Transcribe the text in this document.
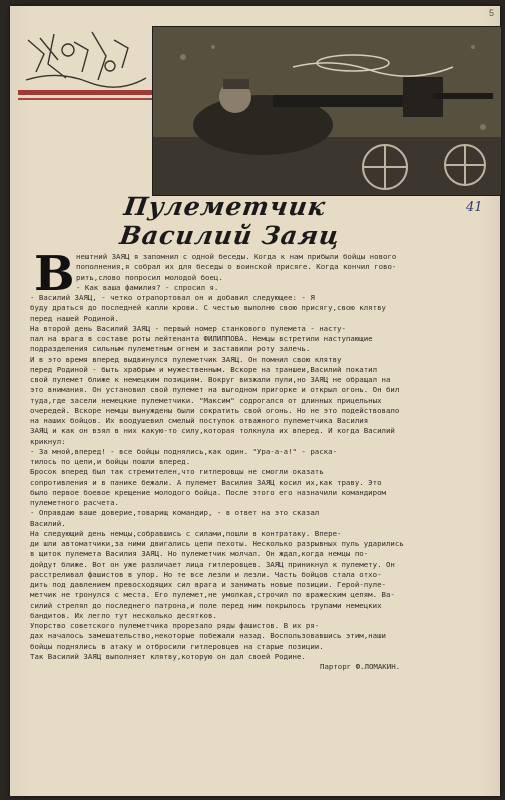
5
Пулеметчик Василий Заяц
41
В нештний ЗАЯЦ я запомнил с одной беседы. Когда к нам прибыли бойцы нового
пополнения,я собрал их для беседы о воинской присяге. Когда кончил гово-
рить,слово попросил молодой боец.
- Как ваша фамилия? - спросил я.
- Василий ЗАЯЦ, - четко отрапортовал он и добавил следующее: - Я
буду драться до последней капли крови. С честью выполню свою присягу,свою клятву
перед нашей Родиной.
На второй день Василий ЗАЯЦ - первый номер станкового пулемета - насту-
пал на врага в составе роты лейтенанта ФИЛИППОВА. Немцы встретили наступающие
подразделения сильным пулеметным огнем и заставили роту залечь.
И в это время вперед выдвинулся пулеметчик ЗАЯЦ. Он помнил свою клятву
перед Родиной - быть храбрым и мужественным. Вскоре на траншеи,Василий покатил
свой пулемет ближе к немецким позициям. Вокруг визжали пули,но ЗАЯЦ не обращал на
это внимания. Он установил свой пулемет на выгодном пригорке и открыл огонь. Он бил
туда,где засели немецкие пулеметчики. "Максим" содрогался от длинных прицельных
очередей. Вскоре немцы вынуждены были сократить свой огонь. Но не это подействовало
на наших бойцов. Их воодушевил смелый поступок отважного пулеметчика Василия
ЗАЯЦ и как он взял в них какую-то силу,которая толкнула их вперед. И когда Василий
крикнул:
- За мной,вперед! - все бойцы поднялись,как один. "Ура-а-а!" - раска-
тилось по цепи,и бойцы пошли вперед.
Бросок вперед был так стремителен,что гитлеровцы не смогли оказать
сопротивления и в панике бежали. А пулемет Василия ЗАЯЦ косил их,как траву. Это
было первое боевое крещение молодого бойца. После этого его назначили командиром
пулеметного расчета.
- Оправдаю ваше доверие,товарищ командир, - в ответ на это сказал
Василий.
На следующий день немцы,собравшись с силами,пошли в контратаку. Впере-
ди шли автоматчики,за ними двигались цепи пехоты. Несколько разрывных пуль ударились
в щиток пулемета Василия ЗАЯЦ. Но пулеметчик молчал. Он ждал,когда немцы по-
дойдут ближе. Вот он уже различает лица гитлеровцев. ЗАЯЦ приникнул к пулемету. Он
расстреливал фашистов в упор. Но те все лезли и лезли. Часть бойцов стала отхо-
дить под давлением превосходящих сил врага и занимать новые позиции. Герой-пуле-
метчик не тронулся с места. Его пулемет,не умолкая,строчил по вражеским цепям. Ва-
силий стрелял до последнего патрона,и поле перед ним покрылось трупами немецких
бандитов. Их легло тут несколько десятков.
Упорство советского пулеметчика прорезало ряды фашистов. В их ря-
дах началось замешательство,некоторые побежали назад. Воспользовавшись этим,наши
бойцы поднялись в атаку и отбросили гитлеровцев на старые позиции.
Так Василий ЗАЯЦ выполняет клятву,которую он дал своей Родине.
Парторг Ф.ЛОМАКИН.
